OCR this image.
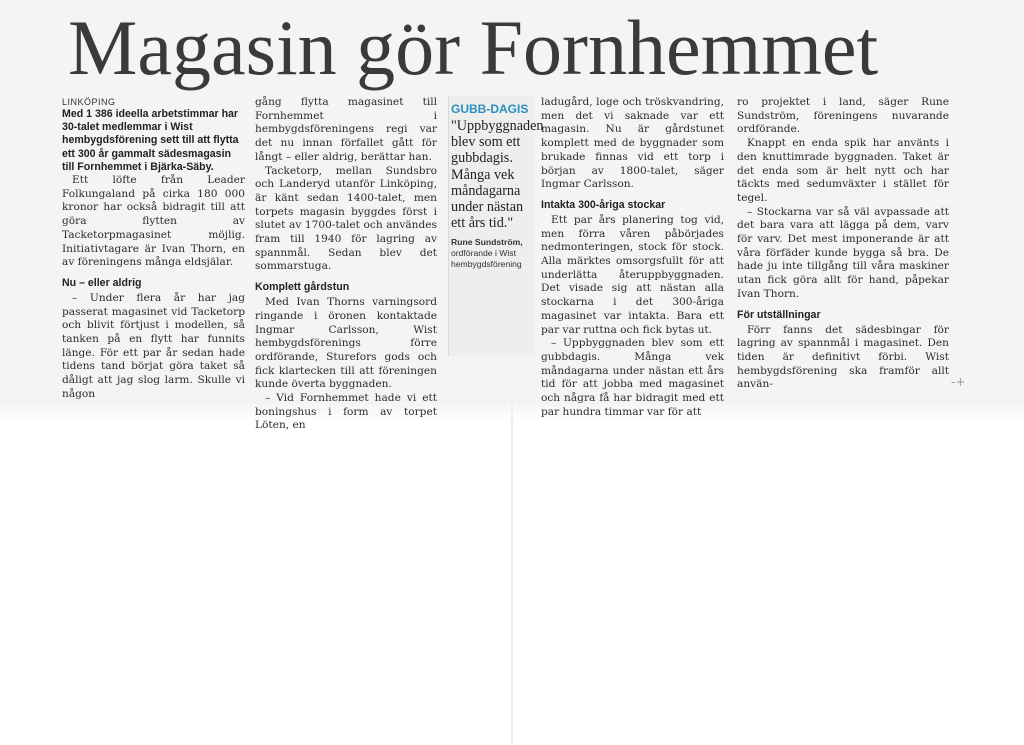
Magasin gör Fornhemmet
LINKÖPING
Med 1 386 ideella arbetstimmar har 30-talet medlemmar i Wist hembygdsförening sett till att flytta ett 300 år gammalt sädesmagasin till Fornhemmet i Bjärka-Säby.

Ett löfte från Leader Folkungaland på cirka 180 000 kronor har också bidragit till att göra flytten av Tacketorpmagasinet möjlig. Initiativtagare är Ivan Thorn, en av föreningens många eldsjälar.

Nu – eller aldrig

– Under flera år har jag passerat magasinet vid Tacketorp och blivit förtjust i modellen, så tanken på en flytt har funnits länge. För ett par år sedan hade tidens tand börjat göra taket så dåligt att jag slog larm. Skulle vi någon

gång flytta magasinet till Fornhemmet i hembygdsföreningens regi var det nu innan förfallet gått för långt – eller aldrig, berättar han.

Tacketorp, mellan Sundsbro och Landeryd utanför Linköping, är känt sedan 1400-talet, men torpets magasin byggdes först i slutet av 1700-talet och användes fram till 1940 för lagring av spannmål. Sedan blev det sommarstuga.

Komplett gårdstun

Med Ivan Thorns varningsord ringande i öronen kontaktade Ingmar Carlsson, Wist hembygdsförenings förre ordförande, Sturefors gods och fick klartecken till att föreningen kunde överta byggnaden.

– Vid Fornhemmet hade vi ett boningshus i form av torpet Löten, en

GUBB-DAGIS
"Uppbyggnaden blev som ett gubbdagis. Många vek måndagarna under nästan ett års tid."
Rune Sundström, ordförande i Wist hembygdsförening

ladugård, loge och tröskvandring, men det vi saknade var ett magasin. Nu är gårdstunet komplett med de byggnader som brukade finnas vid ett torp i början av 1800-talet, säger Ingmar Carlsson.

Intakta 300-åriga stockar

Ett par års planering tog vid, men förra våren påbörjades nedmonteringen, stock för stock. Alla märktes omsorgsfullt för att underlätta återuppbyggnaden. Det visade sig att nästan alla stockarna i det 300-åriga magasinet var intakta. Bara ett par var ruttna och fick bytas ut.

– Uppbyggnaden blev som ett gubbdagis. Många vek måndagarna under nästan ett års tid för att jobba med magasinet och några få har bidragit med ett par hundra timmar var för att

ro projektet i land, säger Rune Sundström, föreningens nuvarande ordförande.

Knappt en enda spik har använts i den knuttimrade byggnaden. Taket är det enda som är helt nytt och har täckts med sedumväxter i stället för tegel.

– Stockarna var så väl avpassade att det bara vara att lägga på dem, varv för varv. Det mest imponerande är att våra förfäder kunde bygga så bra. De hade ju inte tillgång till våra maskiner utan fick göra allt för hand, påpekar Ivan Thorn.

För utställningar

Förr fanns det sädesbingar för lagring av spannmål i magasinet. Den tiden är definitivt förbi. Wist hembygdsförening ska framför allt använ-	-+
